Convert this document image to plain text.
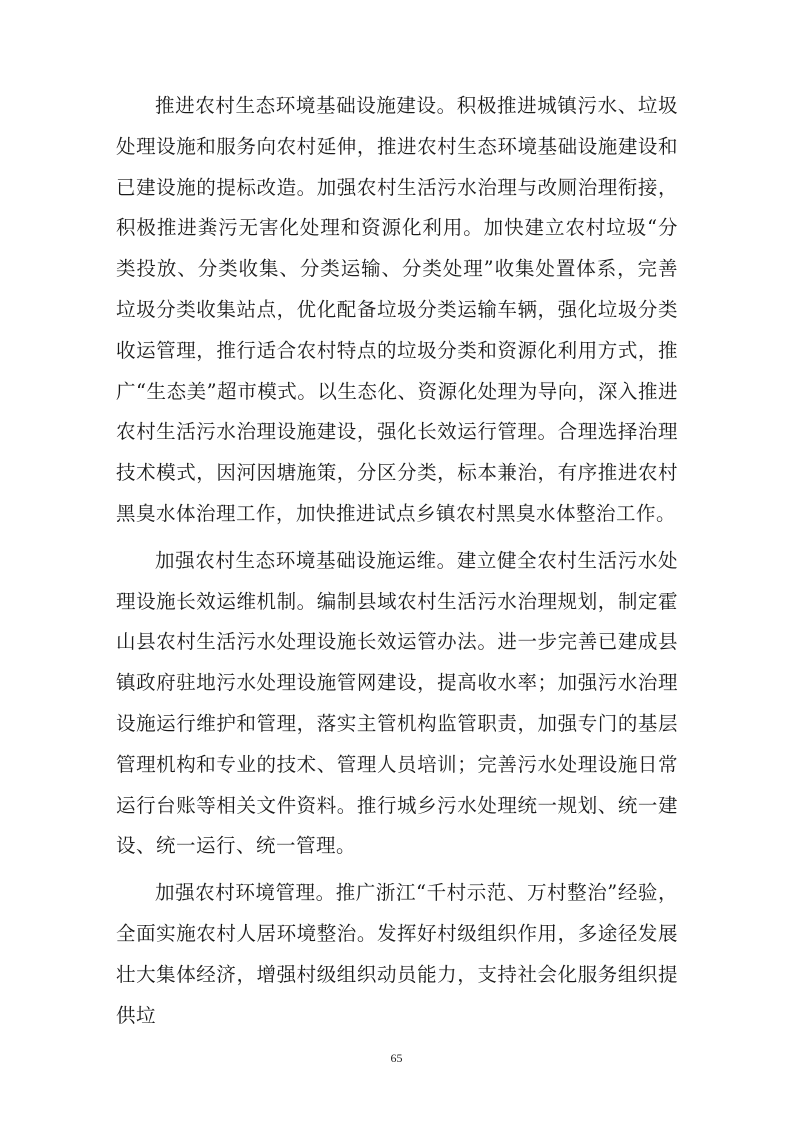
推进农村生态环境基础设施建设。积极推进城镇污水、垃圾处理设施和服务向农村延伸，推进农村生态环境基础设施建设和已建设施的提标改造。加强农村生活污水治理与改厕治理衔接，积极推进粪污无害化处理和资源化利用。加快建立农村垃圾“分类投放、分类收集、分类运输、分类处理”收集处置体系，完善垃圾分类收集站点，优化配备垃圾分类运输车辆，强化垃圾分类收运管理，推行适合农村特点的垃圾分类和资源化利用方式，推广“生态美”超市模式。以生态化、资源化处理为导向，深入推进农村生活污水治理设施建设，强化长效运行管理。合理选择治理技术模式，因河因塘施策，分区分类，标本兼治，有序推进农村黑臭水体治理工作，加快推进试点乡镇农村黑臭水体整治工作。

加强农村生态环境基础设施运维。建立健全农村生活污水处理设施长效运维机制。编制县域农村生活污水治理规划，制定霍山县农村生活污水处理设施长效运管办法。进一步完善已建成县镇政府驻地污水处理设施管网建设，提高收水率；加强污水治理设施运行维护和管理，落实主管机构监管职责，加强专门的基层管理机构和专业的技术、管理人员培训；完善污水处理设施日常运行台账等相关文件资料。推行城乡污水处理统一规划、统一建设、统一运行、统一管理。

加强农村环境管理。推广浙江“千村示范、万村整治”经验，全面实施农村人居环境整治。发挥好村级组织作用，多途径发展壮大集体经济，增强村级组织动员能力，支持社会化服务组织提供垃

65
